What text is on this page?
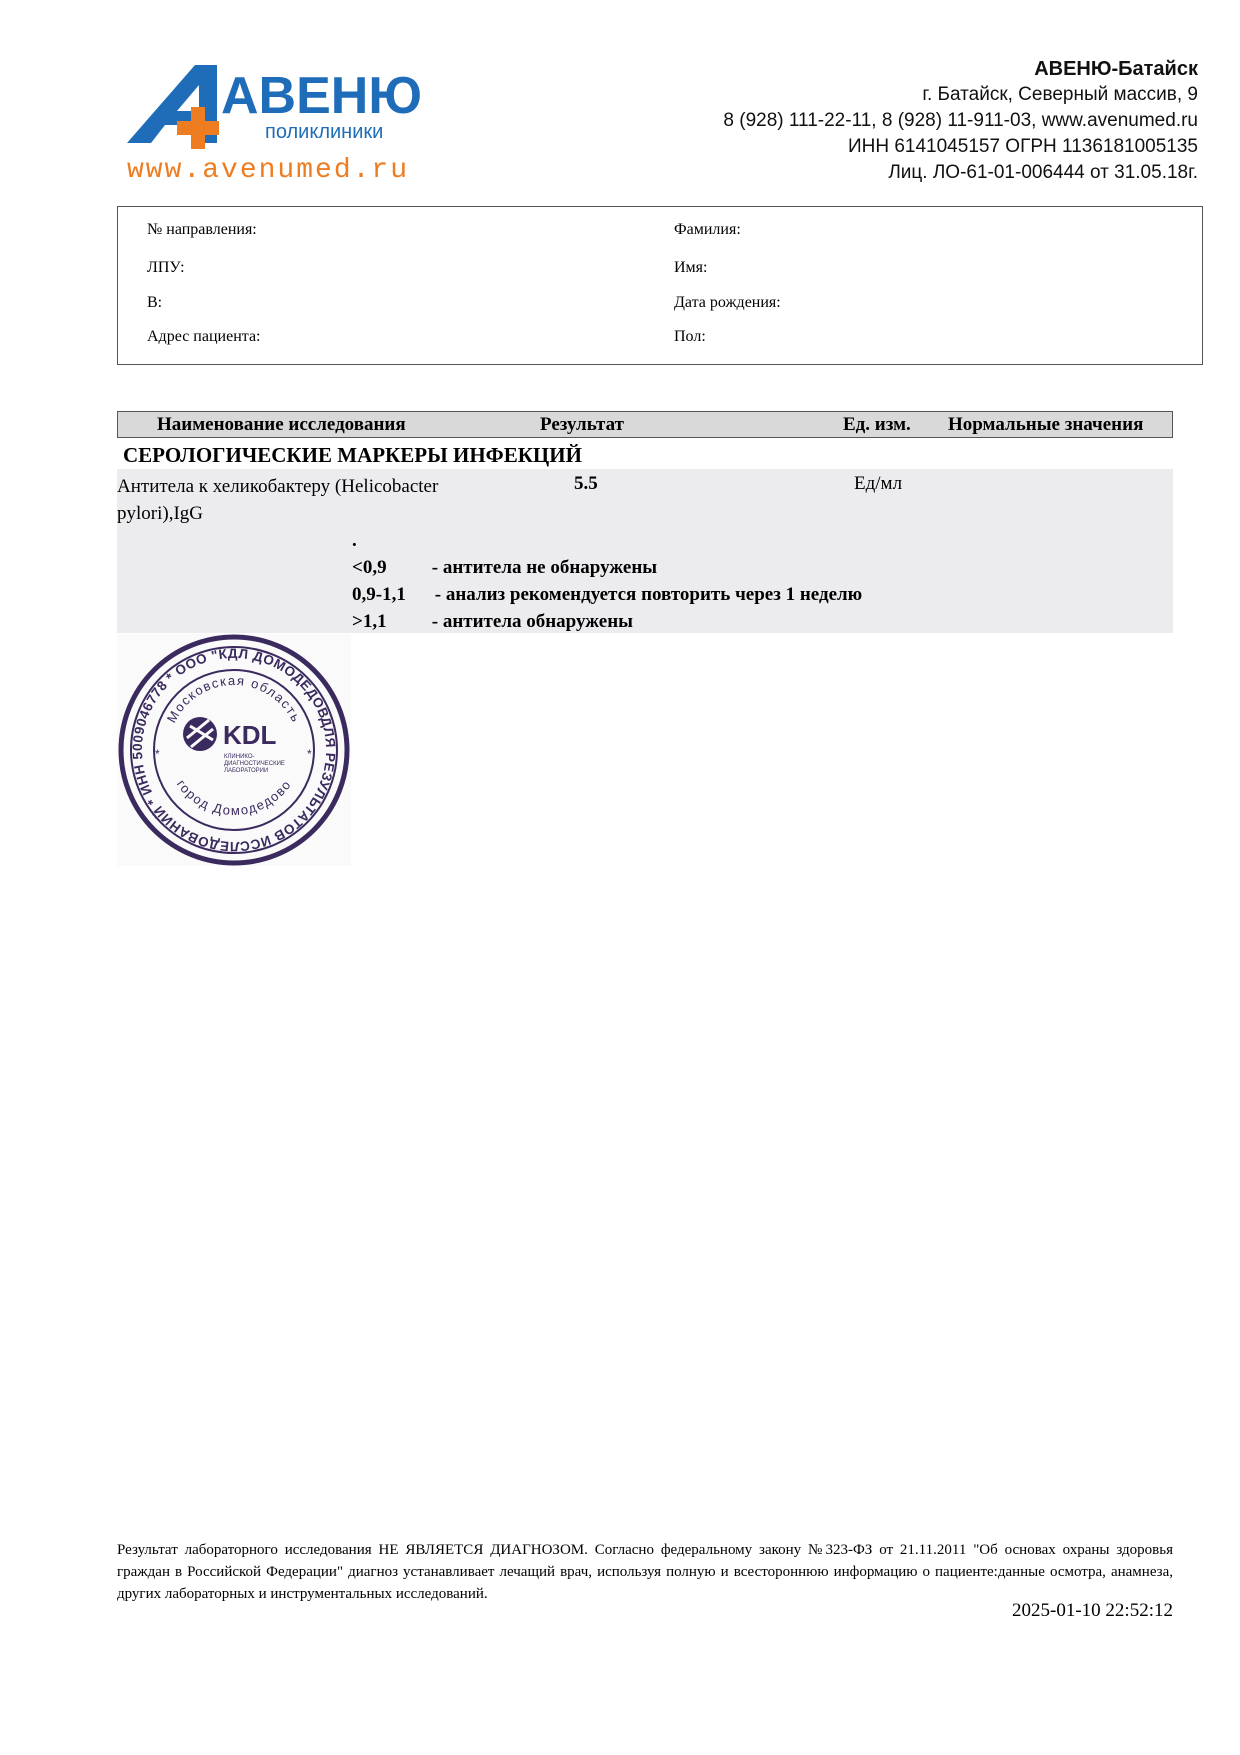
АВЕНЮ
поликлиники
www.avenumed.ru
АВЕНЮ-Батайск
г. Батайск, Северный массив, 9
8 (928) 111-22-11, 8 (928) 11-911-03, www.avenumed.ru
ИНН 6141045157 ОГРН 1136181005135
Лиц. ЛО-61-01-006444 от 31.05.18г.
№ направления:
ЛПУ:
В:
Адрес пациента:
Фамилия:
Имя:
Дата рождения:
Пол:
Наименование исследования	Результат	Ед. изм. Нормальные значения
СЕРОЛОГИЧЕСКИЕ МАРКЕРЫ ИНФЕКЦИЙ
Антитела к хеликобактеру (Helicobacter pylori),IgG
5.5	Ед/мл
.
<0,9 - антитела не обнаружены
0,9-1,1 - анализ рекомендуется повторить через 1 неделю
>1,1 - антитела обнаружены
ДЛЯ РЕЗУЛЬТАТОВ ИССЛЕДОВАНИЙ * ИНН 5009046778 * ООО "КДЛ ДОМОДЕДОВ
Московская область
город Домодедово
KDL
КЛИНИКО-
ДИАГНОСТИЧЕСКИЕ
ЛАБОРАТОРИИ
*	*
Результат лабораторного исследования НЕ ЯВЛЯЕТСЯ ДИАГНОЗОМ. Согласно федеральному закону №323-ФЗ от 21.11.2011 "Об основах охраны здоровья граждан в Российской Федерации" диагноз устанавливает лечащий врач, используя полную и всестороннюю информацию о пациенте:данные осмотра, анамнеза, других лабораторных и инструментальных исследований.
2025-01-10 22:52:12
